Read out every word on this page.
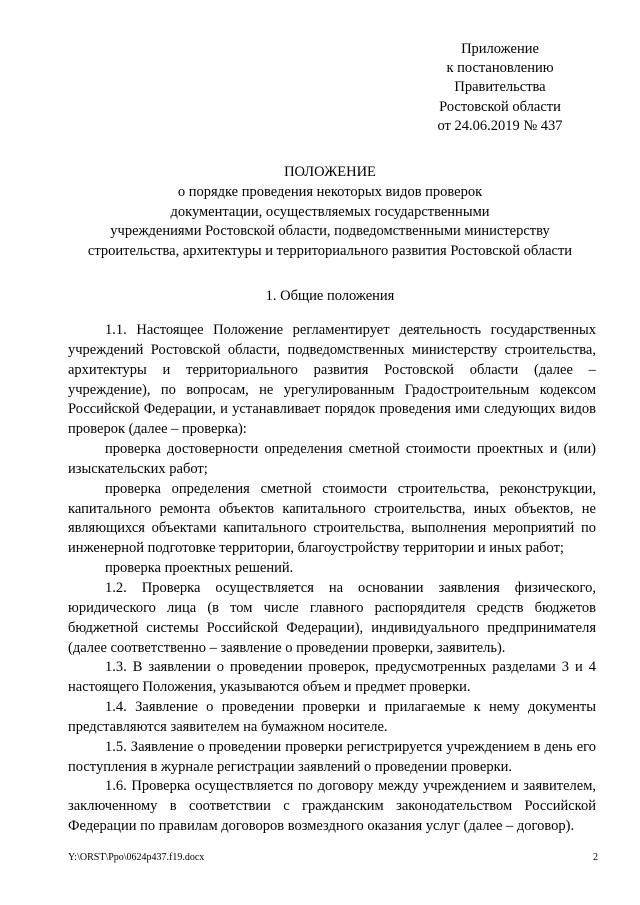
Приложение
к постановлению
Правительства
Ростовской области
от 24.06.2019 № 437
ПОЛОЖЕНИЕ
о порядке проведения некоторых видов проверок
документации, осуществляемых государственными
учреждениями Ростовской области, подведомственными министерству
строительства, архитектуры и территориального развития Ростовской области
1. Общие положения

1.1. Настоящее Положение регламентирует деятельность государственных учреждений Ростовской области, подведомственных министерству строительства, архитектуры и территориального развития Ростовской области (далее – учреждение), по вопросам, не урегулированным Градостроительным кодексом Российской Федерации, и устанавливает порядок проведения ими следующих видов проверок (далее – проверка):

проверка достоверности определения сметной стоимости проектных и (или) изыскательских работ;

проверка определения сметной стоимости строительства, реконструкции, капитального ремонта объектов капитального строительства, иных объектов, не являющихся объектами капитального строительства, выполнения мероприятий по инженерной подготовке территории, благоустройству территории и иных работ;

проверка проектных решений.

1.2. Проверка осуществляется на основании заявления физического, юридического лица (в том числе главного распорядителя средств бюджетов бюджетной системы Российской Федерации), индивидуального предпринимателя (далее соответственно – заявление о проведении проверки, заявитель).

1.3. В заявлении о проведении проверок, предусмотренных разделами 3 и 4 настоящего Положения, указываются объем и предмет проверки.

1.4. Заявление о проведении проверки и прилагаемые к нему документы представляются заявителем на бумажном носителе.

1.5. Заявление о проведении проверки регистрируется учреждением в день его поступления в журнале регистрации заявлений о проведении проверки.

1.6. Проверка осуществляется по договору между учреждением и заявителем, заключенному в соответствии с гражданским законодательством Российской Федерации по правилам договоров возмездного оказания услуг (далее – договор).

Y:\ORST\Ppo\0624p437.f19.docx	2
